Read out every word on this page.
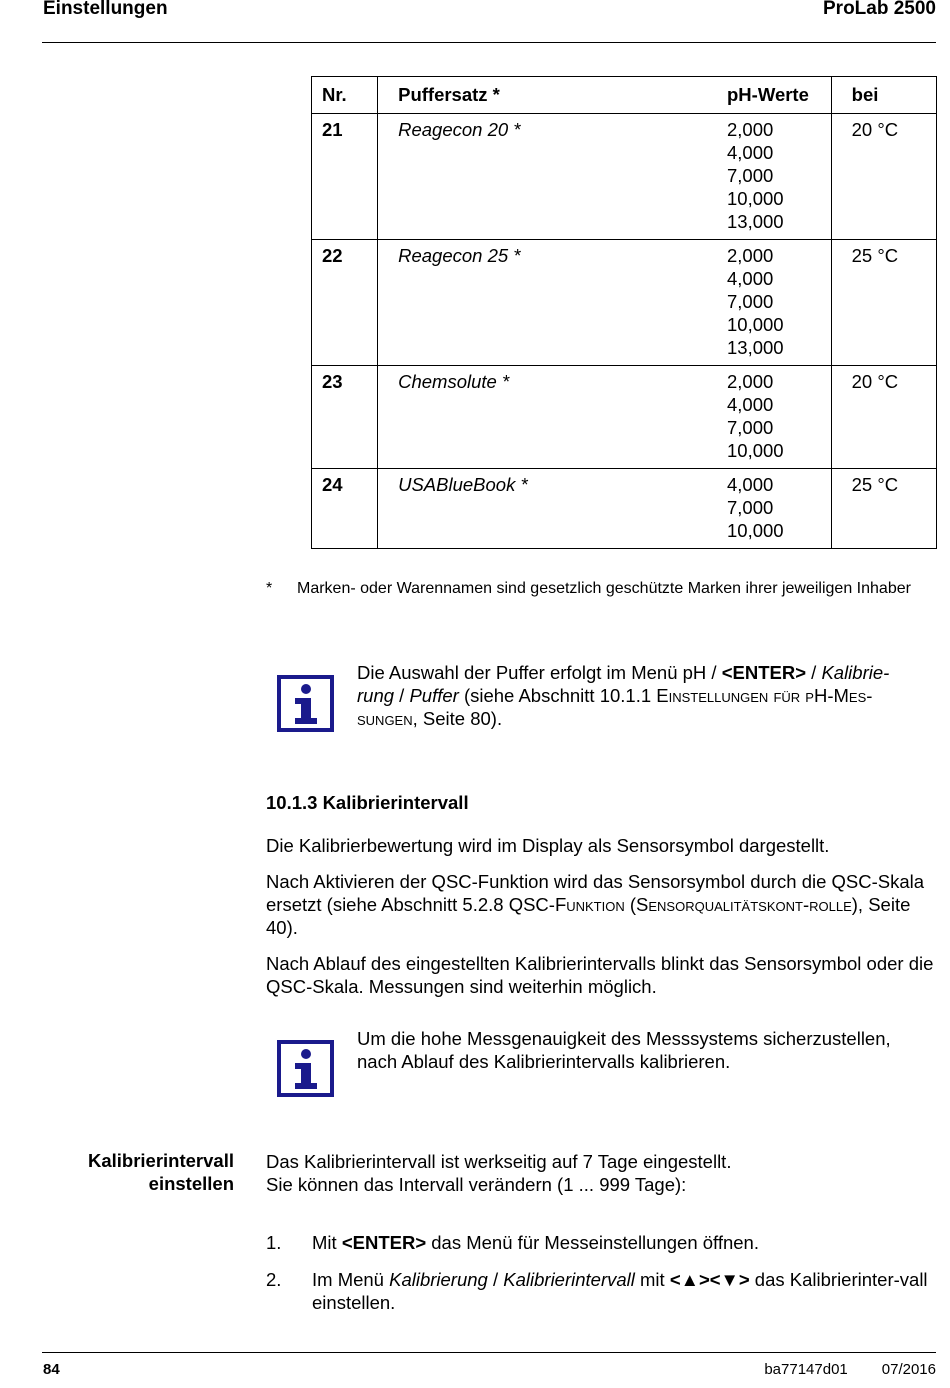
Einstellungen	ProLab 2500
Nr.	Puffersatz *	pH-Werte	bei
21	Reagecon 20 *	2,000
4,000
7,000
10,000
13,000	20 °C
22	Reagecon 25 *	2,000
4,000
7,000
10,000
13,000	25 °C
23	Chemsolute *	2,000
4,000
7,000
10,000	20 °C
24	USABlueBook *	4,000
7,000
10,000	25 °C
* Marken- oder Warennamen sind gesetzlich geschützte Marken ihrer jeweiligen Inhaber
Die Auswahl der Puffer erfolgt im Menü pH / <ENTER> / Kalibrie-rung / Puffer (siehe Abschnitt 10.1.1 Einstellungen für pH-Mes-sungen, Seite 80).
10.1.3 Kalibrierintervall
Die Kalibrierbewertung wird im Display als Sensorsymbol dargestellt.
Nach Aktivieren der QSC-Funktion wird das Sensorsymbol durch die QSC-Skala ersetzt (siehe Abschnitt 5.2.8 QSC-Funktion (Sensorqualitätskont-rolle), Seite 40).
Nach Ablauf des eingestellten Kalibrierintervalls blinkt das Sensorsymbol oder die QSC-Skala. Messungen sind weiterhin möglich.
Um die hohe Messgenauigkeit des Messsystems sicherzustellen, nach Ablauf des Kalibrierintervalls kalibrieren.
Kalibrierintervall
einstellen
Das Kalibrierintervall ist werkseitig auf 7 Tage eingestellt.
Sie können das Intervall verändern (1 ... 999 Tage):
1. Mit <ENTER> das Menü für Messeinstellungen öffnen.
2. Im Menü Kalibrierung / Kalibrierintervall mit <▲><▼> das Kalibrierinter-vall einstellen.
84	ba77147d01 07/2016
